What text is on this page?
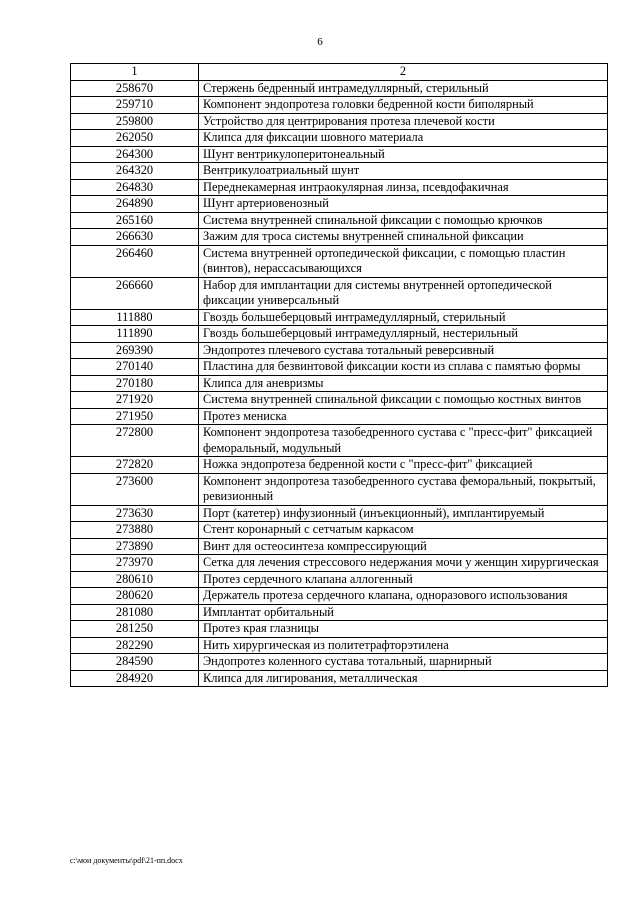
6
1	2
258670	Стержень бедренный интрамедуллярный, стерильный
259710	Компонент эндопротеза головки бедренной кости биполярный
259800	Устройство для центрирования протеза плечевой кости
262050	Клипса для фиксации шовного материала
264300	Шунт вентрикулоперитонеальный
264320	Вентрикулоатриальный шунт
264830	Переднекамерная интраокулярная линза, псевдофакичная
264890	Шунт артериовенозный
265160	Система внутренней спинальной фиксации с помощью крючков
266630	Зажим для троса системы внутренней спинальной фиксации
266460	Система внутренней ортопедической фиксации, с помощью пластин (винтов), нерассасывающихся
266660	Набор для имплантации для системы внутренней ортопедической фиксации универсальный
111880	Гвоздь большеберцовый интрамедуллярный, стерильный
111890	Гвоздь большеберцовый интрамедуллярный, нестерильный
269390	Эндопротез плечевого сустава тотальный реверсивный
270140	Пластина для безвинтовой фиксации кости из сплава с памятью формы
270180	Клипса для аневризмы
271920	Система внутренней спинальной фиксации с помощью костных винтов
271950	Протез мениска
272800	Компонент эндопротеза тазобедренного сустава с "пресс-фит" фиксацией феморальный, модульный
272820	Ножка эндопротеза бедренной кости с "пресс-фит" фиксацией
273600	Компонент эндопротеза тазобедренного сустава феморальный, покрытый, ревизионный
273630	Порт (катетер) инфузионный (инъекционный), имплантируемый
273880	Стент коронарный с сетчатым каркасом
273890	Винт для остеосинтеза компрессирующий
273970	Сетка для лечения стрессового недержания мочи у женщин хирургическая
280610	Протез сердечного клапана аллогенный
280620	Держатель протеза сердечного клапана, одноразового использования
281080	Имплантат орбитальный
281250	Протез края глазницы
282290	Нить хирургическая из политетрафторэтилена
284590	Эндопротез коленного сустава тотальный, шарнирный
284920	Клипса для лигирования, металлическая
c:\мои документы\pdf\21-пп.docx
